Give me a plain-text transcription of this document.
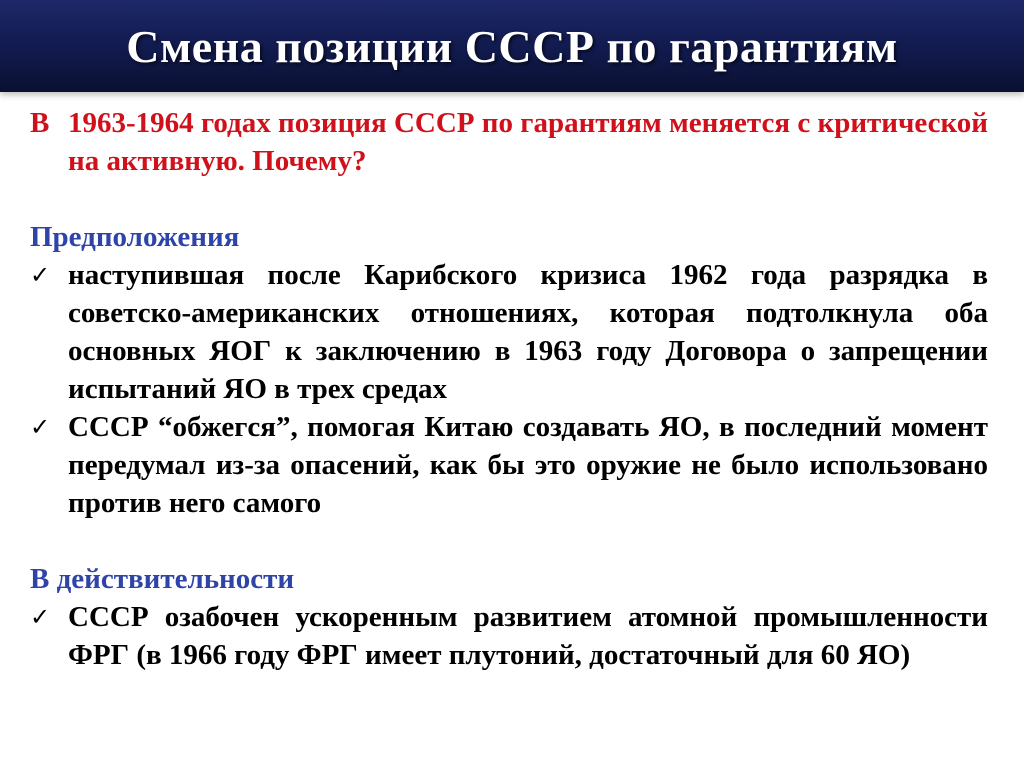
Смена позиции СССР по гарантиям
В 1963-1964 годах позиция СССР по гарантиям меняется с критической на активную. Почему?
Предположения
✓ наступившая после Карибского кризиса 1962 года разрядка в советско-американских отношениях, которая подтолкнула оба основных ЯОГ к заключению в 1963 году Договора о запрещении испытаний ЯО в трех средах
✓ СССР “обжегся”, помогая Китаю создавать ЯО, в последний момент передумал из-за опасений, как бы это оружие не было использовано против него самого
В действительности
✓ СССР озабочен ускоренным развитием атомной промышленности ФРГ (в 1966 году ФРГ имеет плутоний, достаточный для 60 ЯО)
